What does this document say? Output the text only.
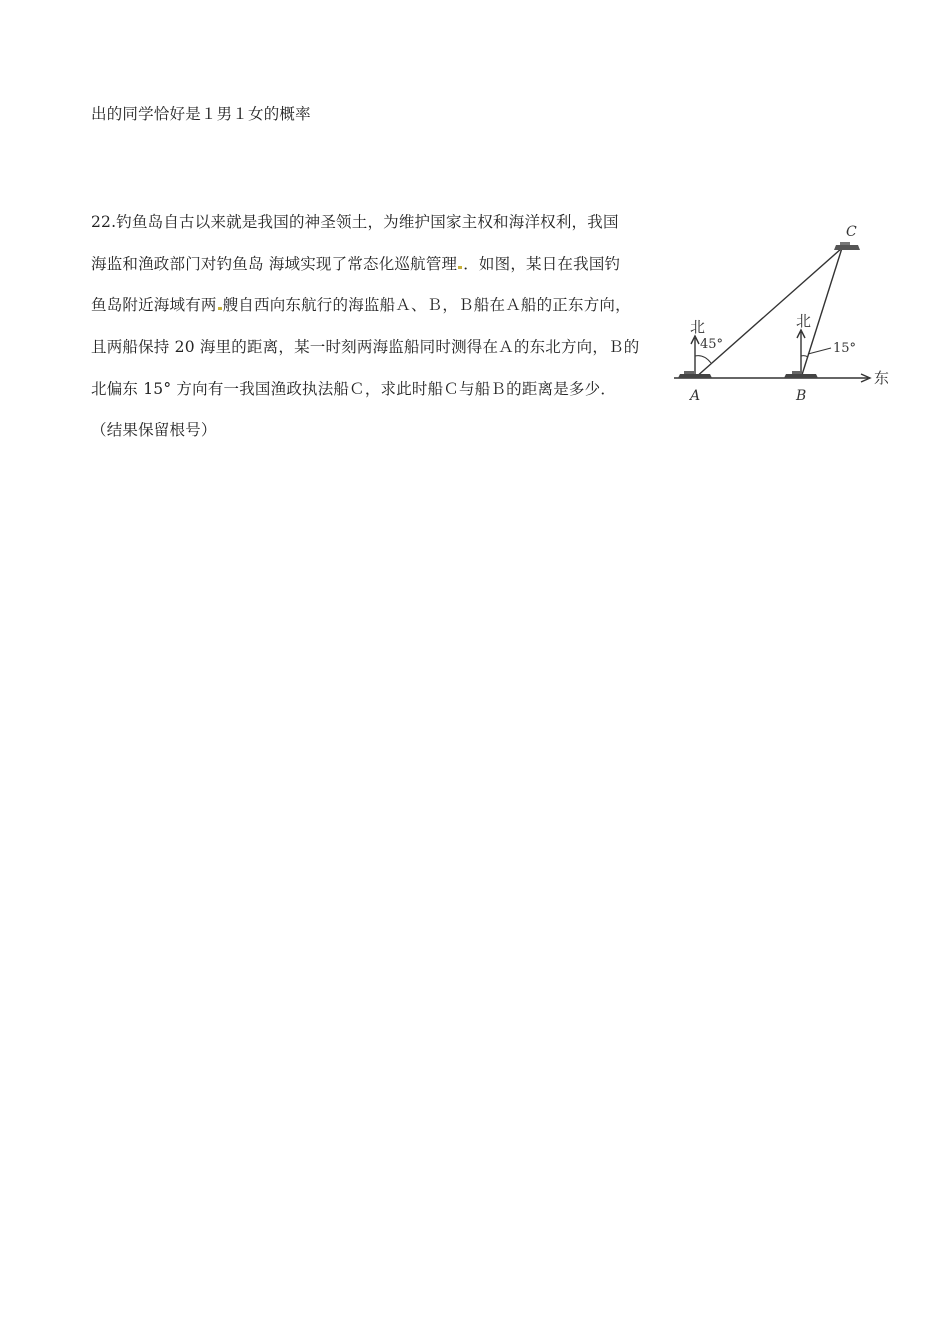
出的同学恰好是１男１女的概率
22.钓鱼岛自古以来就是我国的神圣领土，为维护国家主权和海洋权利，我国
海监和渔政部门对钓鱼岛 海域实现了常态化巡航管理 ．如图，某日在我国钓
鱼岛附近海域有两 艘自西向东航行的海监船Ａ、Ｂ，Ｂ船在Ａ船的正东方向，
且两船保持 20 海里的距离，某一时刻两海监船同时测得在Ａ的东北方向，Ｂ的
北偏东 15° 方向有一我国渔政执法船Ｃ，求此时船Ｃ与船Ｂ的距离是多少．
（结果保留根号）
东
北	北
45°	15°
A	B
C
